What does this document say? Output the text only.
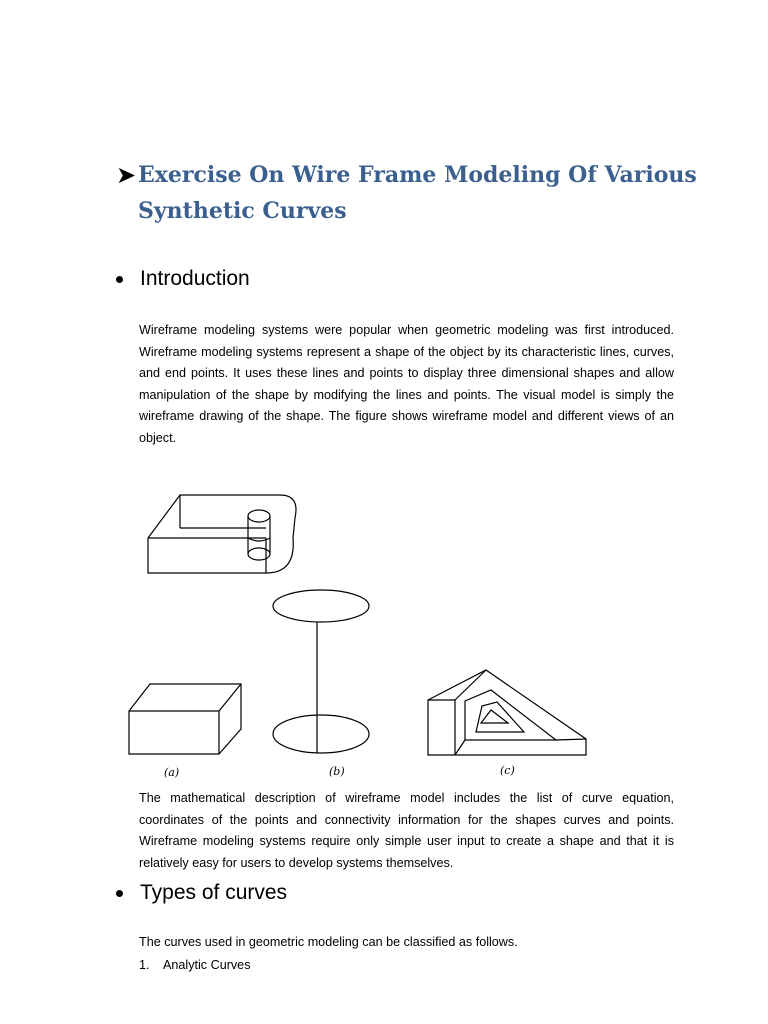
➤ Exercise On Wire Frame Modeling Of Various Synthetic Curves
Introduction
Wireframe modeling systems were popular when geometric modeling was first introduced. Wireframe modeling systems represent a shape of the object by its characteristic lines, curves, and end points. It uses these lines and points to display three dimensional shapes and allow manipulation of the shape by modifying the lines and points. The visual model is simply the wireframe drawing of the shape. The figure shows wireframe model and different views of an object.
(a)	(b)	(c)
The mathematical description of wireframe model includes the list of curve equation, coordinates of the points and connectivity information for the shapes curves and points. Wireframe modeling systems require only simple user input to create a shape and that it is relatively easy for users to develop systems themselves.
Types of curves
The curves used in geometric modeling can be classified as follows.
1.	Analytic Curves
